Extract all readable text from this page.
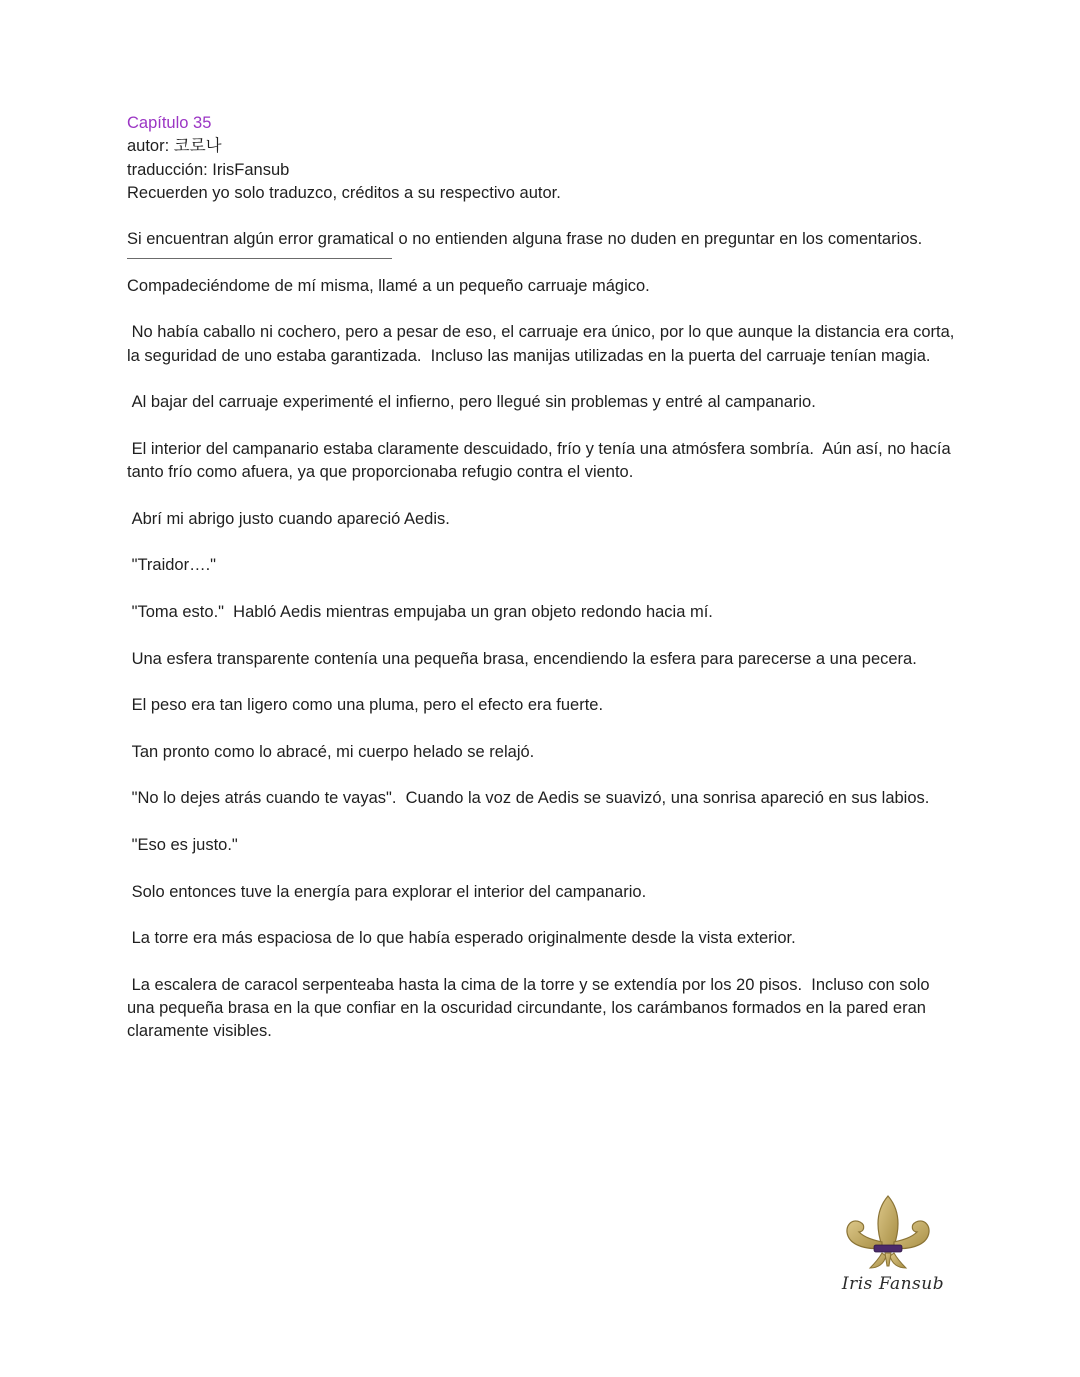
Capítulo 35
autor: 코로나
traducción: IrisFansub
Recuerden yo solo traduzco, créditos a su respectivo autor.

Si encuentran algún error gramatical o no entienden alguna frase no duden en preguntar en los comentarios.

Compadeciéndome de mí misma, llamé a un pequeño carruaje mágico.

No había caballo ni cochero, pero a pesar de eso, el carruaje era único, por lo que aunque la distancia era corta, la seguridad de uno estaba garantizada.  Incluso las manijas utilizadas en la puerta del carruaje tenían magia.

Al bajar del carruaje experimenté el infierno, pero llegué sin problemas y entré al campanario.

El interior del campanario estaba claramente descuidado, frío y tenía una atmósfera sombría.  Aún así, no hacía tanto frío como afuera, ya que proporcionaba refugio contra el viento.

Abrí mi abrigo justo cuando apareció Aedis.

"Traidor…."

"Toma esto."  Habló Aedis mientras empujaba un gran objeto redondo hacia mí.

Una esfera transparente contenía una pequeña brasa, encendiendo la esfera para parecerse a una pecera.

El peso era tan ligero como una pluma, pero el efecto era fuerte.

Tan pronto como lo abracé, mi cuerpo helado se relajó.

"No lo dejes atrás cuando te vayas".  Cuando la voz de Aedis se suavizó, una sonrisa apareció en sus labios.

"Eso es justo."

Solo entonces tuve la energía para explorar el interior del campanario.

La torre era más espaciosa de lo que había esperado originalmente desde la vista exterior.

La escalera de caracol serpenteaba hasta la cima de la torre y se extendía por los 20 pisos.  Incluso con solo una pequeña brasa en la que confiar en la oscuridad circundante, los carámbanos formados en la pared eran claramente visibles.

Iris Fansub
